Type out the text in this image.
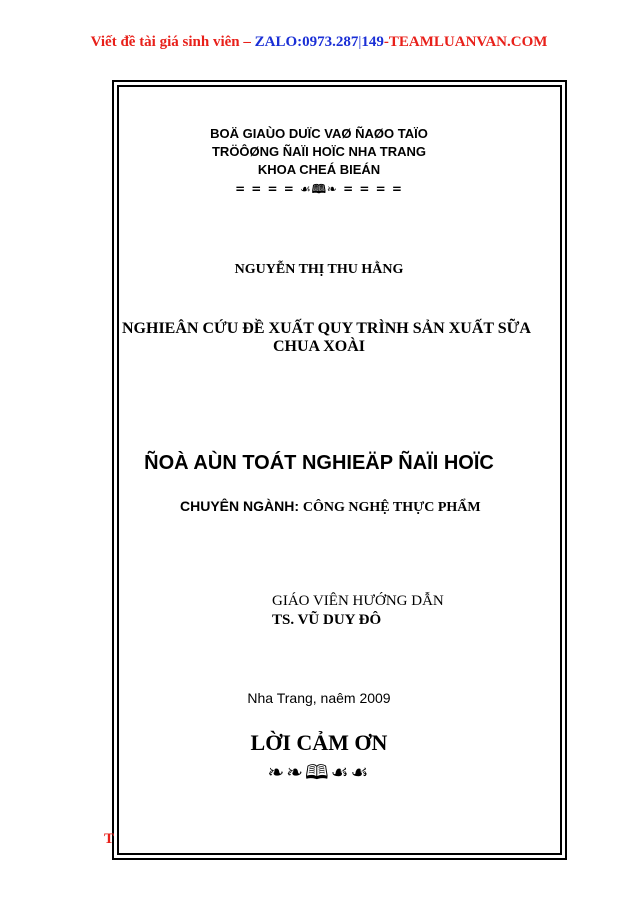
Viết đề tài giá sinh viên – ZALO:0973.287|149-TEAMLUANVAN.COM
BOÄ GIAÙO DUÏC VAØ ÑAØO TAÏO
TRÖÔØNG ÑAÏI HOÏC NHA TRANG
KHOA CHEÁ BIEÁN
= = = = ☙🕮❧ = = = =
NGUYỄN THỊ THU HẰNG
NGHIEÂN CỨU ĐỀ XUẤT QUY TRÌNH SẢN XUẤT SỮA
CHUA XOÀI
ÑOÀ AÙN TOÁT NGHIEÄP ÑAÏI HOÏC
CHUYÊN NGÀNH: CÔNG NGHỆ THỰC PHẨM
GIÁO VIÊN HƯỚNG DẪN
TS. VŨ DUY ĐÔ
Nha Trang, naêm 2009
LỜI CẢM ƠN
❧❧🕮☙☙
T
